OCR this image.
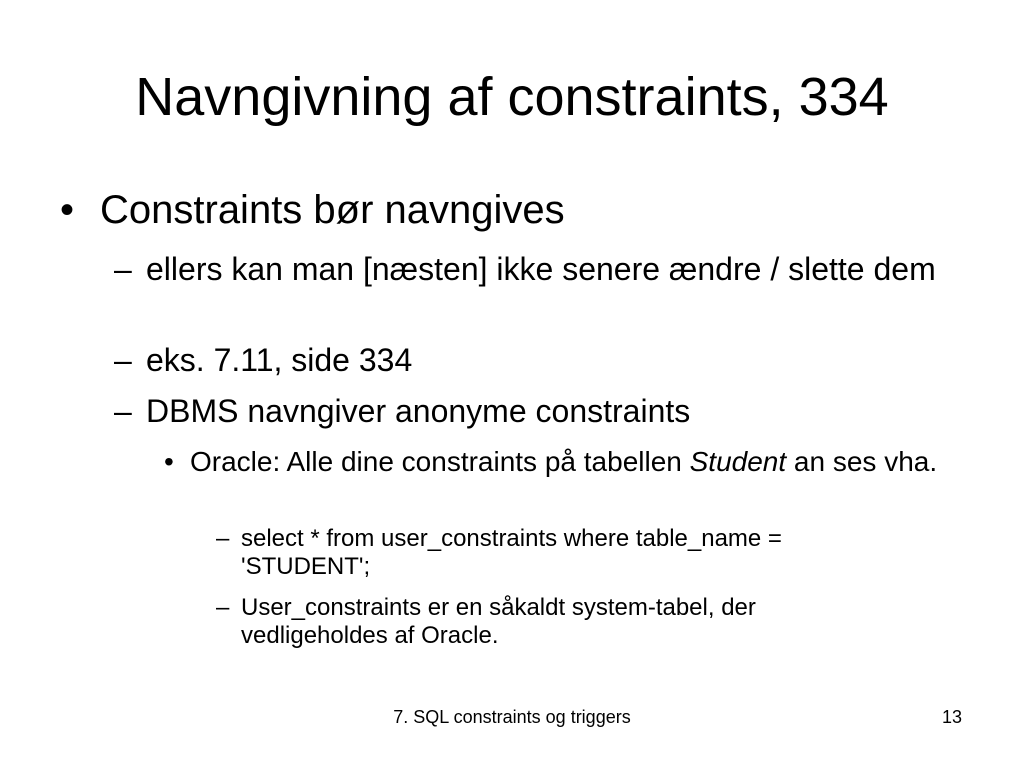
Navngivning af constraints, 334
• Constraints bør navngives
– ellers kan man [næsten] ikke senere ændre / slette dem
– eks. 7.11, side 334
– DBMS navngiver anonyme constraints
• Oracle: Alle dine constraints på tabellen Student an ses vha.
– select * from user_constraints where table_name = 'STUDENT';
– User_constraints er en såkaldt system-tabel, der vedligeholdes af Oracle.
7. SQL constraints og triggers	13
